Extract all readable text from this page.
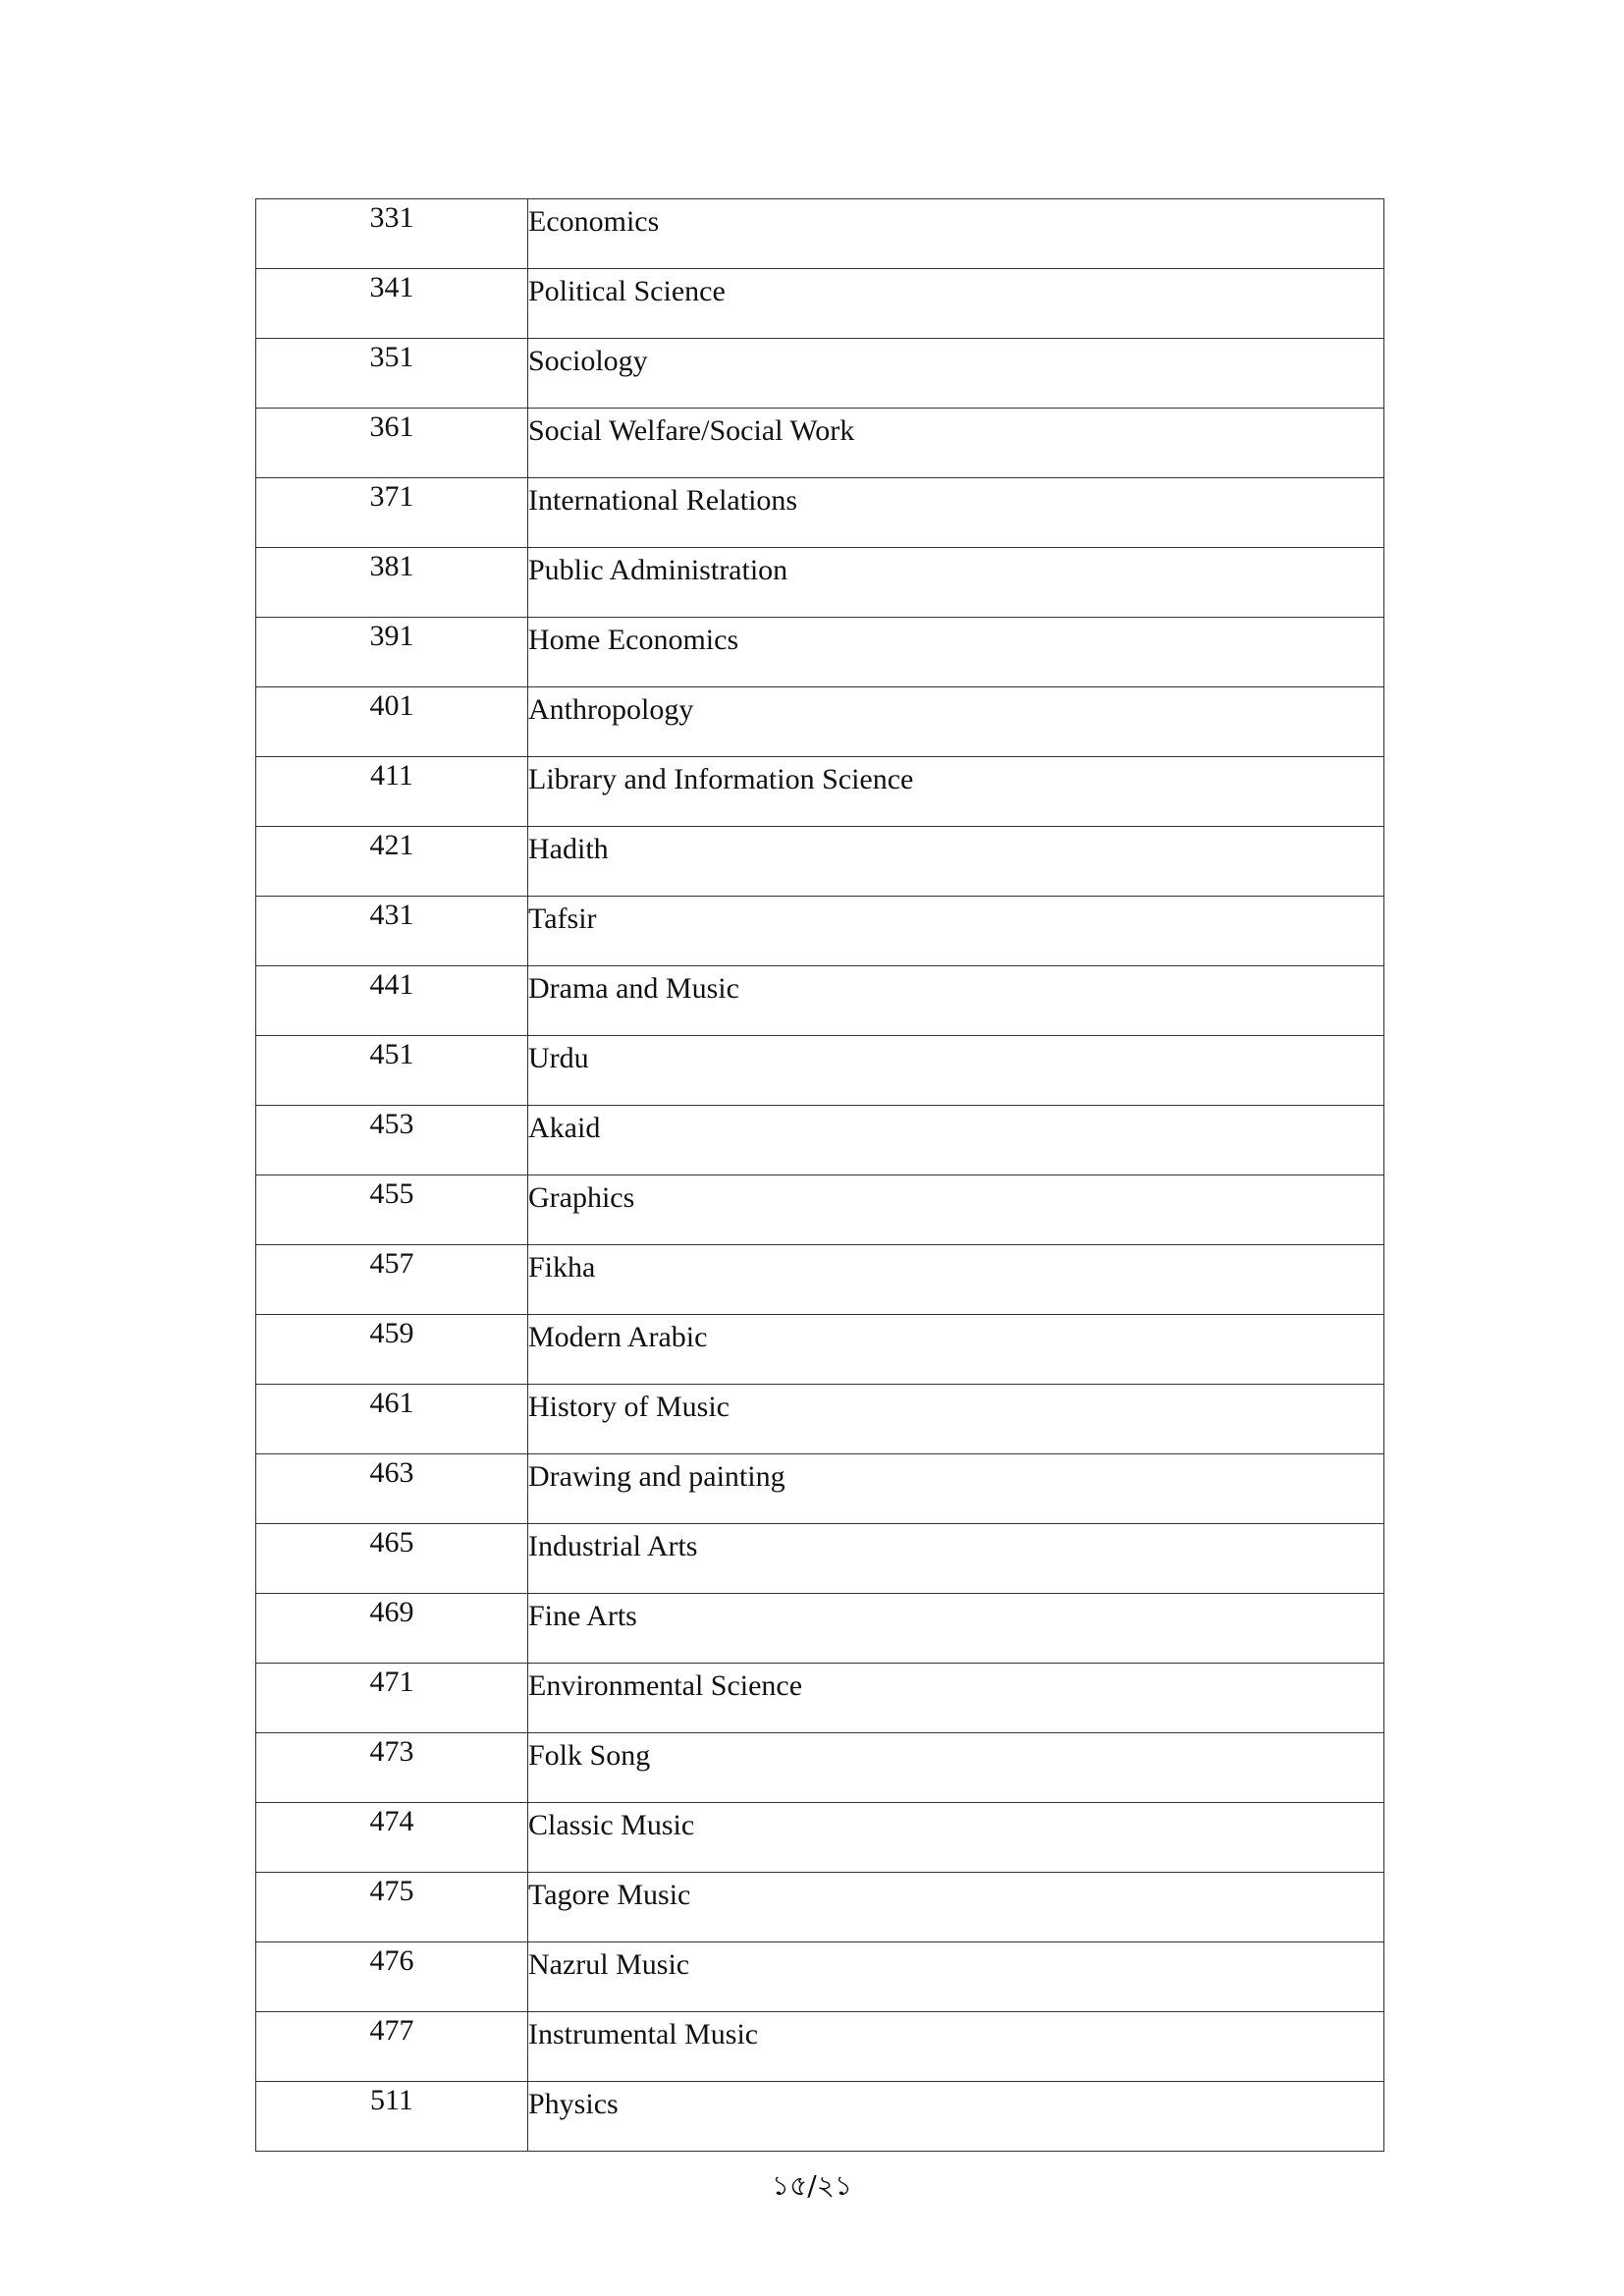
331	Economics
341	Political Science
351	Sociology
361	Social Welfare/Social Work
371	International Relations
381	Public Administration
391	Home Economics
401	Anthropology
411	Library and Information Science
421	Hadith
431	Tafsir
441	Drama and Music
451	Urdu
453	Akaid
455	Graphics
457	Fikha
459	Modern Arabic
461	History of Music
463	Drawing and painting
465	Industrial Arts
469	Fine Arts
471	Environmental Science
473	Folk Song
474	Classic Music
475	Tagore Music
476	Nazrul Music
477	Instrumental Music
511	Physics
১৫/২১
